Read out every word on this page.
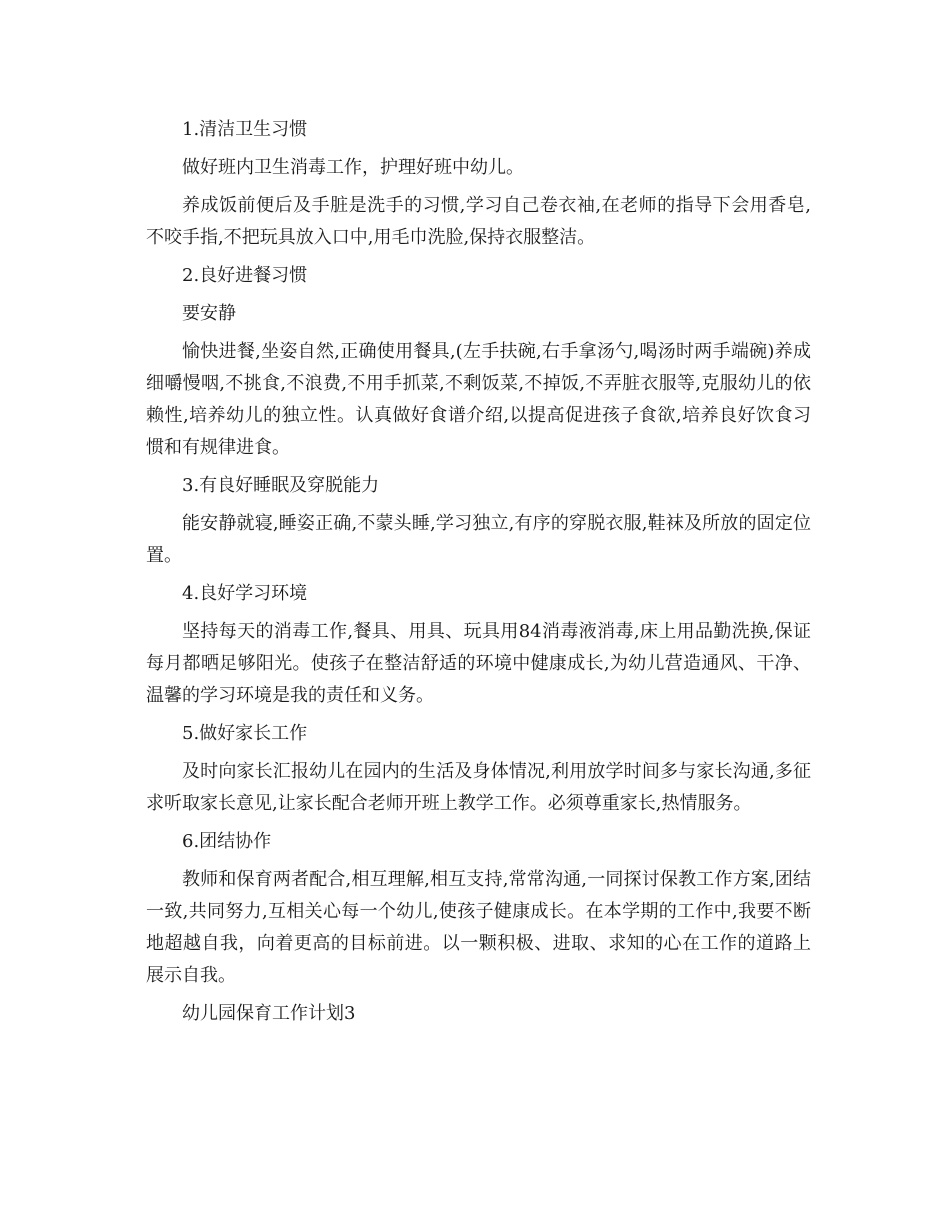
1.清洁卫生习惯

做好班内卫生消毒工作，护理好班中幼儿。

养成饭前便后及手脏是洗手的习惯,学习自己卷衣袖,在老师的指导下会用香皂,不咬手指,不把玩具放入口中,用毛巾洗脸,保持衣服整洁。

2.良好进餐习惯

要安静

愉快进餐,坐姿自然,正确使用餐具,(左手扶碗,右手拿汤勺,喝汤时两手端碗)养成细嚼慢咽,不挑食,不浪费,不用手抓菜,不剩饭菜,不掉饭,不弄脏衣服等,克服幼儿的依赖性,培养幼儿的独立性。认真做好食谱介绍,以提高促进孩子食欲,培养良好饮食习惯和有规律进食。

3.有良好睡眠及穿脱能力

能安静就寝,睡姿正确,不蒙头睡,学习独立,有序的穿脱衣服,鞋袜及所放的固定位置。

4.良好学习环境

坚持每天的消毒工作,餐具、用具、玩具用84消毒液消毒,床上用品勤洗换,保证每月都晒足够阳光。使孩子在整洁舒适的环境中健康成长,为幼儿营造通风、干净、温馨的学习环境是我的责任和义务。

5.做好家长工作

及时向家长汇报幼儿在园内的生活及身体情况,利用放学时间多与家长沟通,多征求听取家长意见,让家长配合老师开班上教学工作。必须尊重家长,热情服务。

6.团结协作

教师和保育两者配合,相互理解,相互支持,常常沟通,一同探讨保教工作方案,团结一致,共同努力,互相关心每一个幼儿,使孩子健康成长。在本学期的工作中,我要不断地超越自我，向着更高的目标前进。以一颗积极、进取、求知的心在工作的道路上展示自我。

幼儿园保育工作计划3
